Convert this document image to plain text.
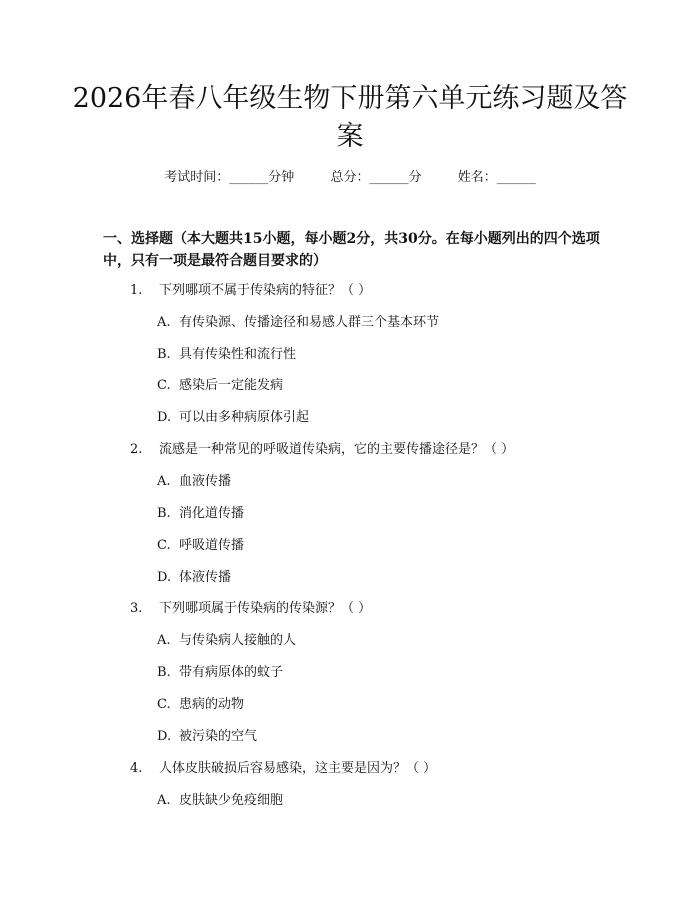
2026年春八年级生物下册第六单元练习题及答案
考试时间：______分钟	总分：______分	姓名：______
一、选择题（本大题共15小题，每小题2分，共30分。在每小题列出的四个选项中，只有一项是最符合题目要求的）
1. 下列哪项不属于传染病的特征？（ ）
A. 有传染源、传播途径和易感人群三个基本环节
B. 具有传染性和流行性
C. 感染后一定能发病
D. 可以由多种病原体引起
2. 流感是一种常见的呼吸道传染病，它的主要传播途径是？（ ）
A. 血液传播
B. 消化道传播
C. 呼吸道传播
D. 体液传播
3. 下列哪项属于传染病的传染源？（ ）
A. 与传染病人接触的人
B. 带有病原体的蚊子
C. 患病的动物
D. 被污染的空气
4. 人体皮肤破损后容易感染，这主要是因为？（ ）
A. 皮肤缺少免疫细胞
